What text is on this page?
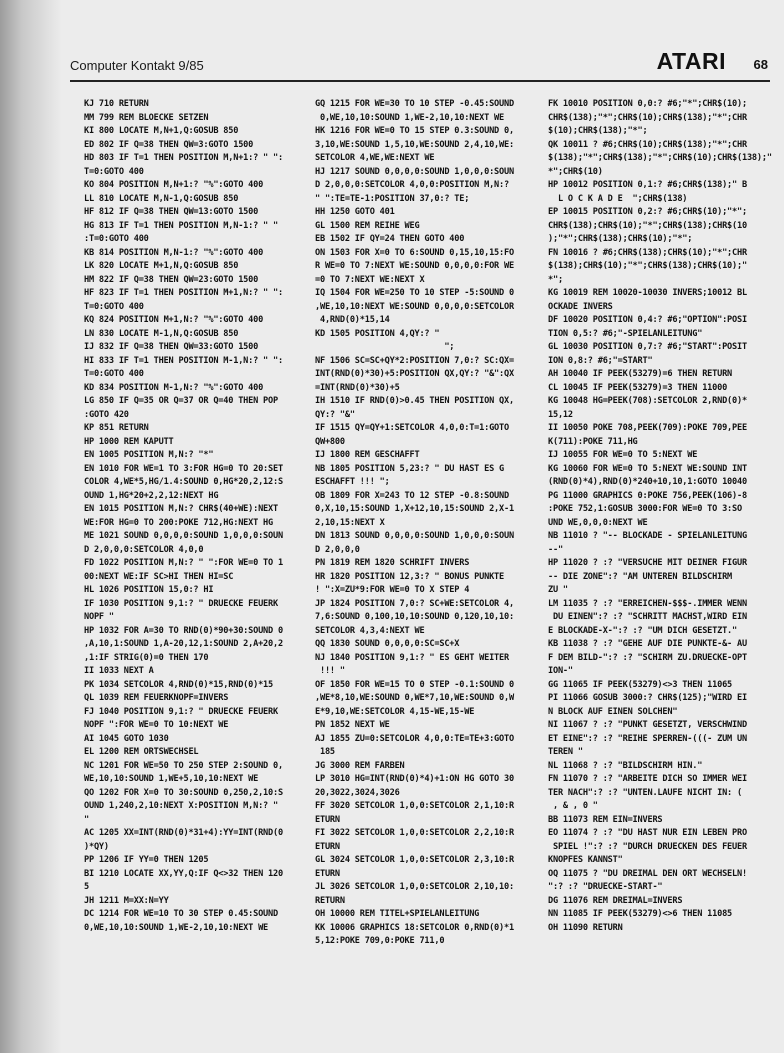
Computer Kontakt 9/85	ATARI 68
KJ 710 RETURN
MM 799 REM BLOECKE SETZEN
KI 800 LOCATE M,N+1,Q:GOSUB 850
ED 802 IF Q=38 THEN QW=3:GOTO 1500
HD 803 IF T=1 THEN POSITION M,N+1:? " ":
T=0:GOTO 400
KO 804 POSITION M,N+1:? "%":GOTO 400
LL 810 LOCATE M,N-1,Q:GOSUB 850
HF 812 IF Q=38 THEN QW=13:GOTO 1500
HG 813 IF T=1 THEN POSITION M,N-1:? " "
:T=0:GOTO 400
KB 814 POSITION M,N-1:? "%":GOTO 400
LK 820 LOCATE M+1,N,Q:GOSUB 850
HM 822 IF Q=38 THEN QW=23:GOTO 1500
HF 823 IF T=1 THEN POSITION M+1,N:? " ":
T=0:GOTO 400
KQ 824 POSITION M+1,N:? "%":GOTO 400
LN 830 LOCATE M-1,N,Q:GOSUB 850
IJ 832 IF Q=38 THEN QW=33:GOTO 1500
HI 833 IF T=1 THEN POSITION M-1,N:? " ":
T=0:GOTO 400
KD 834 POSITION M-1,N:? "%":GOTO 400
LG 850 IF Q=35 OR Q=37 OR Q=40 THEN POP
:GOTO 420
KP 851 RETURN
HP 1000 REM KAPUTT
EN 1005 POSITION M,N:? "*"
EN 1010 FOR WE=1 TO 3:FOR HG=0 TO 20:SET
COLOR 4,WE*5,HG/1.4:SOUND 0,HG*20,2,12:S
OUND 1,HG*20+2,2,12:NEXT HG
EN 1015 POSITION M,N:? CHR$(40+WE):NEXT
WE:FOR HG=0 TO 200:POKE 712,HG:NEXT HG
ME 1021 SOUND 0,0,0,0:SOUND 1,0,0,0:SOUN
D 2,0,0,0:SETCOLOR 4,0,0
FD 1022 POSITION M,N:? " ":FOR WE=0 TO 1
00:NEXT WE:IF SC>HI THEN HI=SC
HL 1026 POSITION 15,0:? HI
IF 1030 POSITION 9,1:? " DRUECKE FEUERK
NOPF "
HP 1032 FOR A=30 TO RND(0)*90+30:SOUND 0
,A,10,1:SOUND 1,A-20,12,1:SOUND 2,A+20,2
,1:IF STRIG(0)=0 THEN 170
II 1033 NEXT A
PK 1034 SETCOLOR 4,RND(0)*15,RND(0)*15
QL 1039 REM FEUERKNOPF=INVERS
FJ 1040 POSITION 9,1:? " DRUECKE FEUERK
NOPF ":FOR WE=0 TO 10:NEXT WE
AI 1045 GOTO 1030
EL 1200 REM ORTSWECHSEL
NC 1201 FOR WE=50 TO 250 STEP 2:SOUND 0,
WE,10,10:SOUND 1,WE+5,10,10:NEXT WE
QO 1202 FOR X=0 TO 30:SOUND 0,250,2,10:S
OUND 1,240,2,10:NEXT X:POSITION M,N:? "
"
AC 1205 XX=INT(RND(0)*31+4):YY=INT(RND(0
)*QY)
PP 1206 IF YY=0 THEN 1205
BI 1210 LOCATE XX,YY,Q:IF Q<>32 THEN 120
5
JH 1211 M=XX:N=YY
DC 1214 FOR WE=10 TO 30 STEP 0.45:SOUND
0,WE,10,10:SOUND 1,WE-2,10,10:NEXT WE
GQ 1215 FOR WE=30 TO 10 STEP -0.45:SOUND
0,WE,10,10:SOUND 1,WE-2,10,10:NEXT WE
HK 1216 FOR WE=0 TO 15 STEP 0.3:SOUND 0,
3,10,WE:SOUND 1,5,10,WE:SOUND 2,4,10,WE:
SETCOLOR 4,WE,WE:NEXT WE
HJ 1217 SOUND 0,0,0,0:SOUND 1,0,0,0:SOUN
D 2,0,0,0:SETCOLOR 4,0,0:POSITION M,N:?
" ":TE=TE-1:POSITION 37,0:? TE;
HH 1250 GOTO 401
GL 1500 REM REIHE WEG
EB 1502 IF QY=24 THEN GOTO 400
ON 1503 FOR X=0 TO 6:SOUND 0,15,10,15:FO
R WE=0 TO 7:NEXT WE:SOUND 0,0,0,0:FOR WE
=0 TO 7:NEXT WE:NEXT X
IQ 1504 FOR WE=250 TO 10 STEP -5:SOUND 0
,WE,10,10:NEXT WE:SOUND 0,0,0,0:SETCOLOR
4,RND(0)*15,14
KD 1505 POSITION 4,QY:? "
";
NF 1506 SC=SC+QY*2:POSITION 7,0:? SC:QX=
INT(RND(0)*30)+5:POSITION QX,QY:? "&":QX
=INT(RND(0)*30)+5
IH 1510 IF RND(0)>0.45 THEN POSITION QX,
QY:? "&"
IF 1515 QY=QY+1:SETCOLOR 4,0,0:T=1:GOTO
QW+800
IJ 1800 REM GESCHAFFT
NB 1805 POSITION 5,23:? " DU HAST ES G
ESCHAFFT !!! ";
OB 1809 FOR X=243 TO 12 STEP -0.8:SOUND
0,X,10,15:SOUND 1,X+12,10,15:SOUND 2,X-1
2,10,15:NEXT X
DN 1813 SOUND 0,0,0,0:SOUND 1,0,0,0:SOUN
D 2,0,0,0
PN 1819 REM 1820 SCHRIFT INVERS
HR 1820 POSITION 12,3:? " BONUS PUNKTE
! ":X=ZU*9:FOR WE=0 TO X STEP 4
JP 1824 POSITION 7,0:? SC+WE:SETCOLOR 4,
7,6:SOUND 0,100,10,10:SOUND 0,120,10,10:
SETCOLOR 4,3,4:NEXT WE
QQ 1830 SOUND 0,0,0,0:SC=SC+X
NJ 1840 POSITION 9,1:? " ES GEHT WEITER
!!! "
OF 1850 FOR WE=15 TO 0 STEP -0.1:SOUND 0
,WE*8,10,WE:SOUND 0,WE*7,10,WE:SOUND 0,W
E*9,10,WE:SETCOLOR 4,15-WE,15-WE
PN 1852 NEXT WE
AJ 1855 ZU=0:SETCOLOR 4,0,0:TE=TE+3:GOTO
185
JG 3000 REM FARBEN
LP 3010 HG=INT(RND(0)*4)+1:ON HG GOTO 30
20,3022,3024,3026
FF 3020 SETCOLOR 1,0,0:SETCOLOR 2,1,10:R
ETURN
FI 3022 SETCOLOR 1,0,0:SETCOLOR 2,2,10:R
ETURN
GL 3024 SETCOLOR 1,0,0:SETCOLOR 2,3,10:R
ETURN
JL 3026 SETCOLOR 1,0,0:SETCOLOR 2,10,10:
RETURN
OH 10000 REM TITEL+SPIELANLEITUNG
KK 10006 GRAPHICS 18:SETCOLOR 0,RND(0)*1
5,12:POKE 709,0:POKE 711,0
FK 10010 POSITION 0,0:? #6;"*";CHR$(10);
CHR$(138);"*";CHR$(10);CHR$(138);"*";CHR
$(10);CHR$(138);"*";
QK 10011 ? #6;CHR$(10);CHR$(138);"*";CHR
$(138);"*";CHR$(138);"*";CHR$(10);CHR$(138);"
*";CHR$(10)
HP 10012 POSITION 0,1:? #6;CHR$(138);" B
L O C K A D E  ";CHR$(138)
EP 10015 POSITION 0,2:? #6;CHR$(10);"*";
CHR$(138);CHR$(10);"*";CHR$(138);CHR$(10
);"*";CHR$(138);CHR$(10);"*";
FN 10016 ? #6;CHR$(138);CHR$(10);"*";CHR
$(138);CHR$(10);"*";CHR$(138);CHR$(10);"
*";
KG 10019 REM 10020-10030 INVERS;10012 BL
OCKADE INVERS
DF 10020 POSITION 0,4:? #6;"OPTION":POSI
TION 0,5:? #6;"-SPIELANLEITUNG"
GL 10030 POSITION 0,7:? #6;"START":POSIT
ION 0,8:? #6;"=START"
AH 10040 IF PEEK(53279)=6 THEN RETURN
CL 10045 IF PEEK(53279)=3 THEN 11000
KG 10048 HG=PEEK(708):SETCOLOR 2,RND(0)*
15,12
II 10050 POKE 708,PEEK(709):POKE 709,PEE
K(711):POKE 711,HG
IJ 10055 FOR WE=0 TO 5:NEXT WE
KG 10060 FOR WE=0 TO 5:NEXT WE:SOUND INT
(RND(0)*4),RND(0)*240+10,10,1:GOTO 10040
PG 11000 GRAPHICS 0:POKE 756,PEEK(106)-8
:POKE 752,1:GOSUB 3000:FOR WE=0 TO 3:SO
UND WE,0,0,0:NEXT WE
NB 11010 ? "-- BLOCKADE - SPIELANLEITUNG
--"
HP 11020 ? :? "VERSUCHE MIT DEINER FIGUR
-- DIE ZONE":? "AM UNTEREN BILDSCHIRM
ZU "
LM 11035 ? :? "ERREICHEN-$$$-.IMMER WENN
DU EINEN":? :? "SCHRITT MACHST,WIRD EIN
E BLOCKADE-X-":? :? "UM DICH GESETZT."
KB 11038 ? :? "GEHE AUF DIE PUNKTE-&- AU
F DEM BILD-":? :? "SCHIRM ZU.DRUECKE-OPT
ION-"
GG 11065 IF PEEK(53279)<>3 THEN 11065
PI 11066 GOSUB 3000:? CHR$(125);"WIRD EI
N BLOCK AUF EINEN SOLCHEN"
NI 11067 ? :? "PUNKT GESETZT, VERSCHWIND
ET EINE":? :? "REIHE SPERREN-(((- ZUM UN
TEREN "
NL 11068 ? :? "BILDSCHIRM HIN."
FN 11070 ? :? "ARBEITE DICH SO IMMER WEI
TER NACH":? :? "UNTEN.LAUFE NICHT IN: (
, & , 0 "
BB 11073 REM EIN=INVERS
EO 11074 ? :? "DU HAST NUR EIN LEBEN PRO
SPIEL !":? :? "DURCH DRUECKEN DES FEUER
KNOPFES KANNST"
OQ 11075 ? "DU DREIMAL DEN ORT WECHSELN!
":? :? "DRUECKE-START-"
DG 11076 REM DREIMAL=INVERS
NN 11085 IF PEEK(53279)<>6 THEN 11085
OH 11090 RETURN
